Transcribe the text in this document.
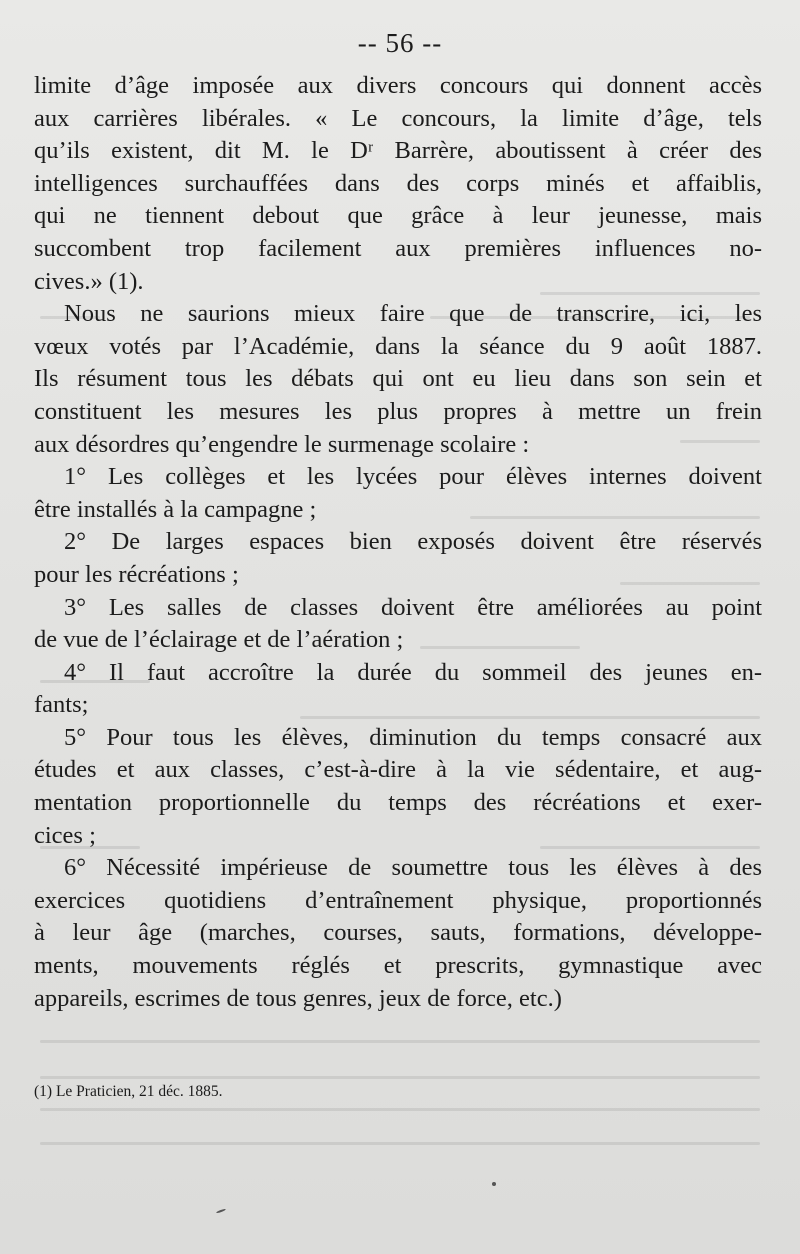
-- 56 --

limite d’âge imposée aux divers concours qui donnent accès

aux carrières libérales. « Le concours, la limite d’âge, tels

qu’ils existent, dit M. le Dʳ Barrère, aboutissent à créer des

intelligences surchauffées dans des corps minés et affaiblis,

qui ne tiennent debout que grâce à leur jeunesse, mais

succombent trop facilement aux premières influences no-

cives.» (1).

Nous ne saurions mieux faire que de transcrire, ici, les

vœux votés par l’Académie, dans la séance du 9 août 1887.

Ils résument tous les débats qui ont eu lieu dans son sein et

constituent les mesures les plus propres à mettre un frein

aux désordres qu’engendre le surmenage scolaire :

1° Les collèges et les lycées pour élèves internes doivent

être installés à la campagne ;

2° De larges espaces bien exposés doivent être réservés

pour les récréations ;

3° Les salles de classes doivent être améliorées au point

de vue de l’éclairage et de l’aération ;

4° Il faut accroître la durée du sommeil des jeunes en-

fants;

5° Pour tous les élèves, diminution du temps consacré aux

études et aux classes, c’est-à-dire à la vie sédentaire, et aug-

mentation proportionnelle du temps des récréations et exer-

cices ;

6° Nécessité impérieuse de soumettre tous les élèves à des

exercices quotidiens d’entraînement physique, proportionnés

à leur âge (marches, courses, sauts, formations, développe-

ments, mouvements réglés et prescrits, gymnastique avec

appareils, escrimes de tous genres, jeux de force, etc.)

(1) Le Praticien, 21 déc. 1885.
